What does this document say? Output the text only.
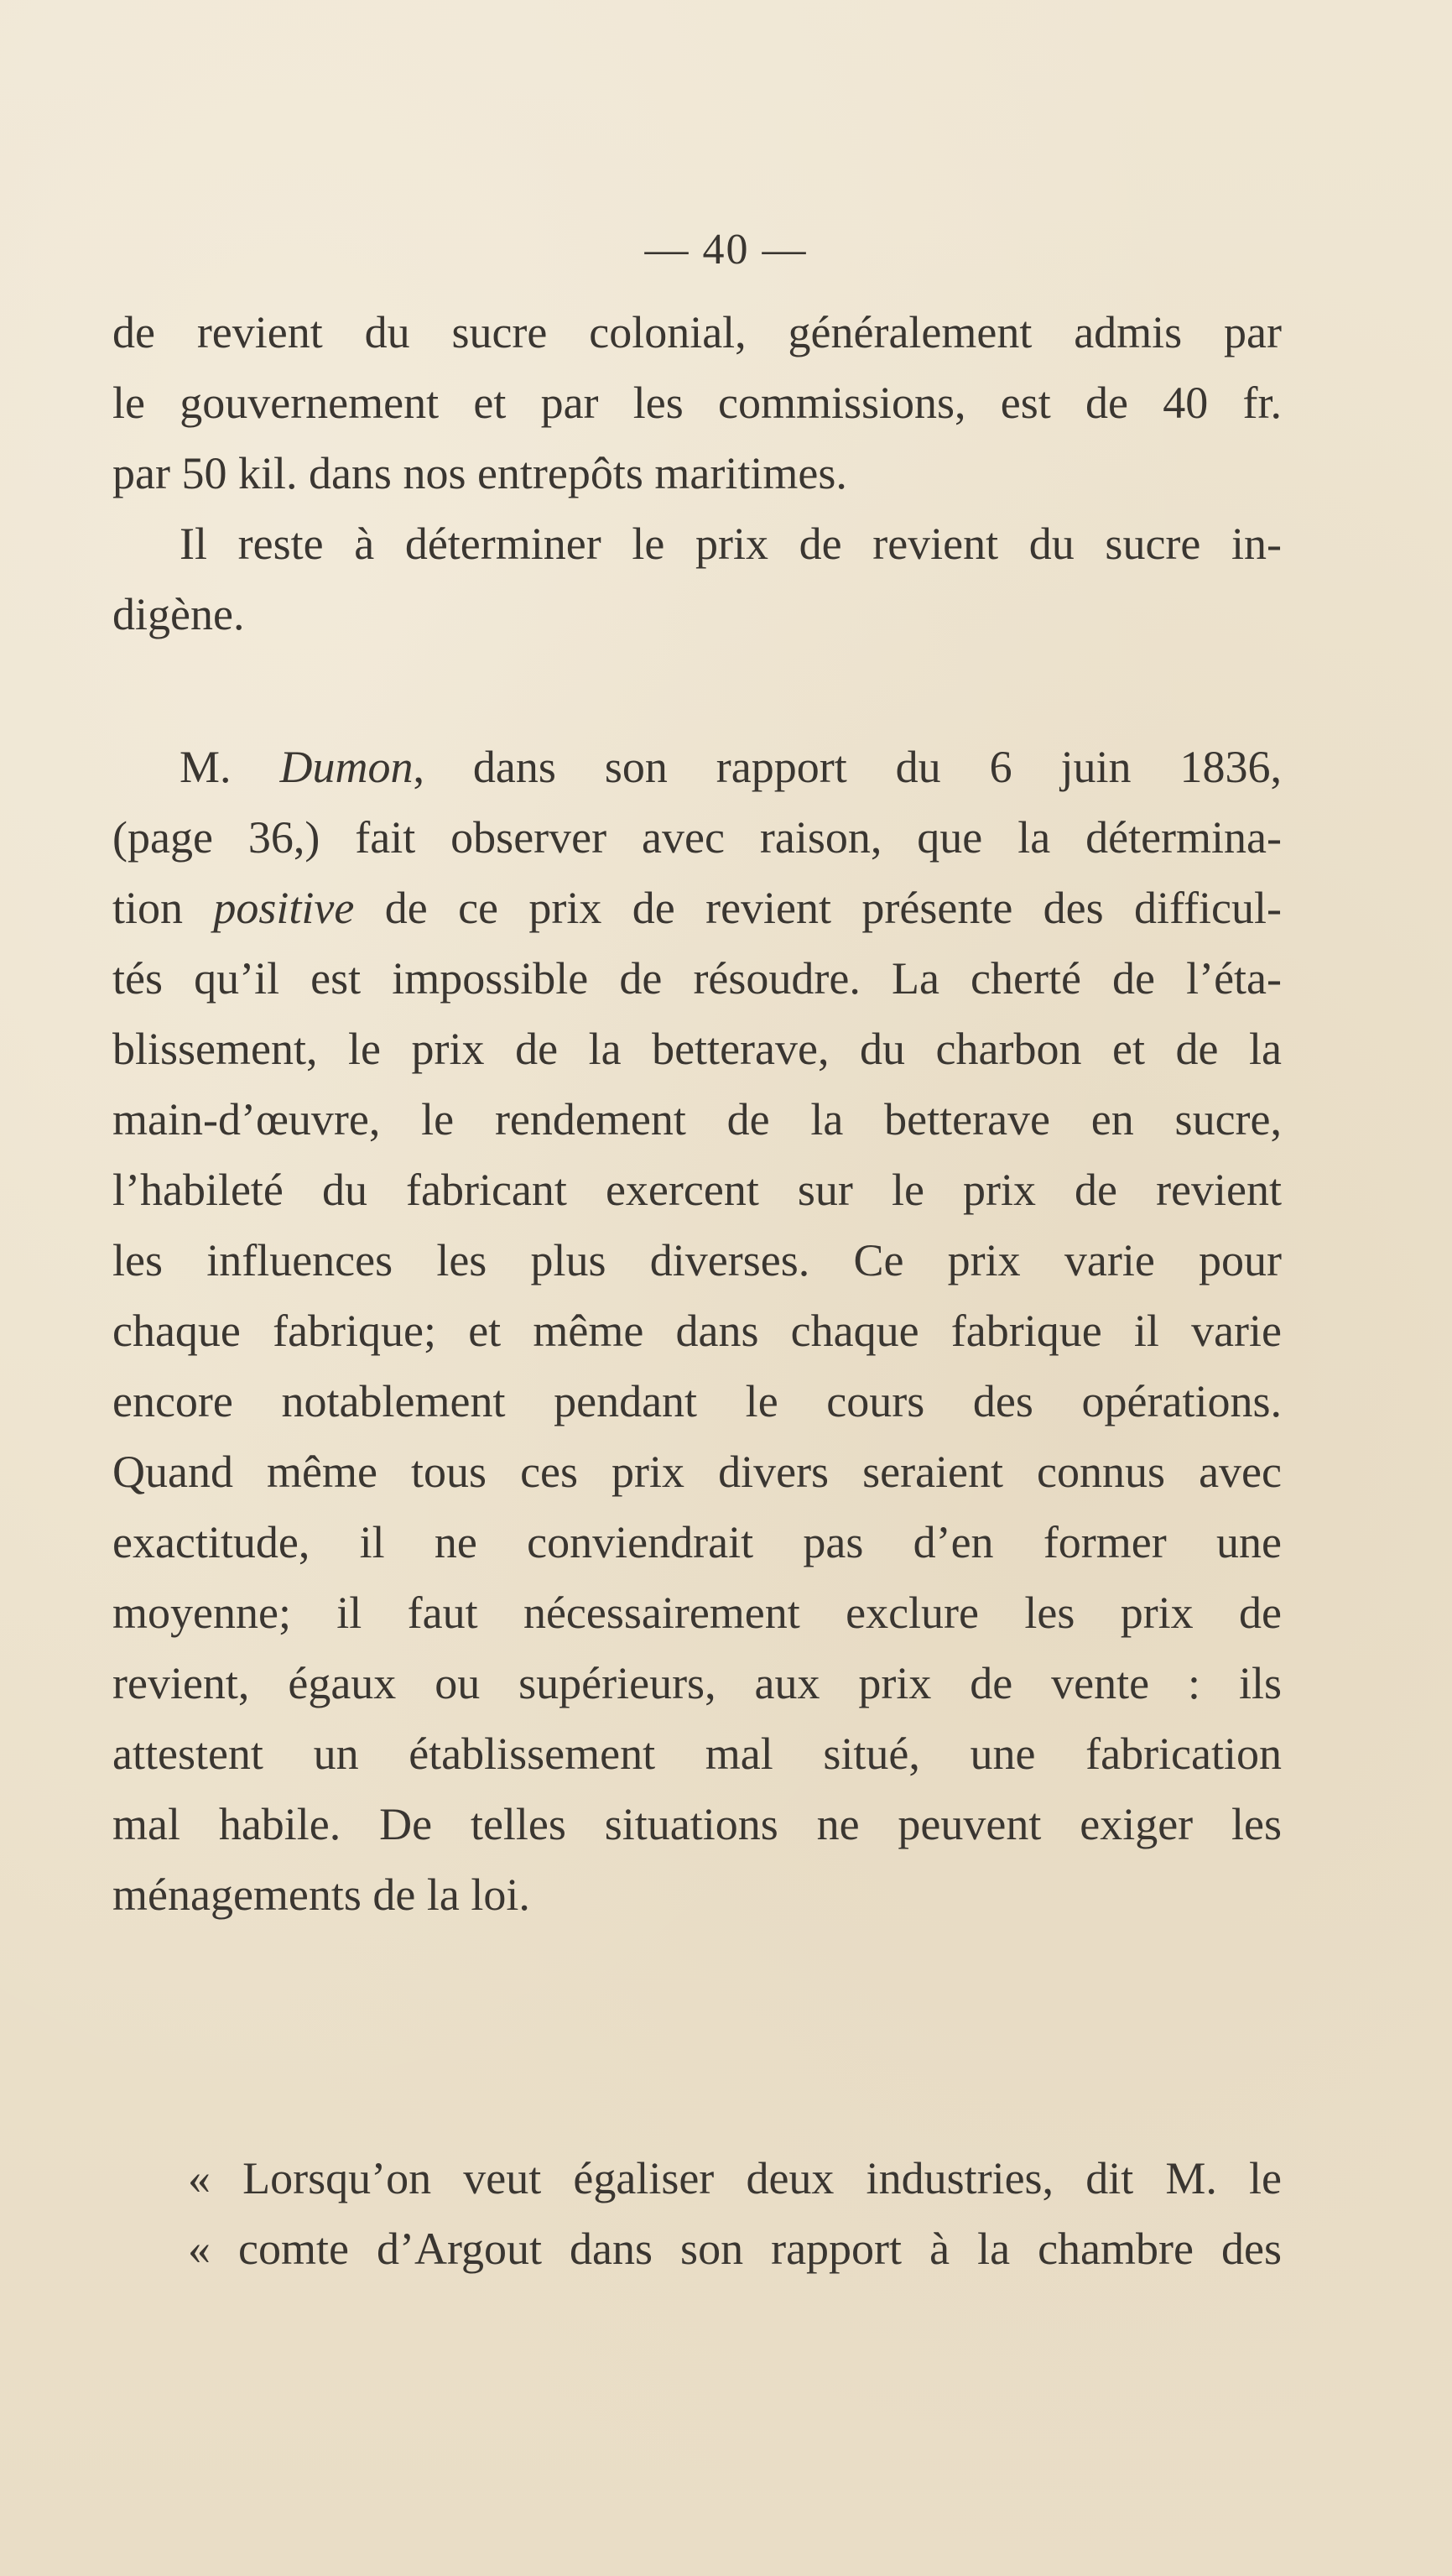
— 40 —
de revient du sucre colonial, généralement admis par
le gouvernement et par les commissions, est de 40 fr.
par 50 kil. dans nos entrepôts maritimes.
Il reste à déterminer le prix de revient du sucre in-
digène.
M. Dumon, dans son rapport du 6 juin 1836,
(page 36,) fait observer avec raison, que la détermina-
tion positive de ce prix de revient présente des difficul-
tés qu’il est impossible de résoudre. La cherté de l’éta-
blissement, le prix de la betterave, du charbon et de la
main-d’œuvre, le rendement de la betterave en sucre,
l’habileté du fabricant exercent sur le prix de revient
les influences les plus diverses. Ce prix varie pour
chaque fabrique; et même dans chaque fabrique il varie
encore notablement pendant le cours des opérations.
Quand même tous ces prix divers seraient connus avec
exactitude, il ne conviendrait pas d’en former une
moyenne; il faut nécessairement exclure les prix de
revient, égaux ou supérieurs, aux prix de vente : ils
attestent un établissement mal situé, une fabrication
mal habile. De telles situations ne peuvent exiger les
ménagements de la loi.
« Lorsqu’on veut égaliser deux industries, dit M. le
« comte d’Argout dans son rapport à la chambre des
